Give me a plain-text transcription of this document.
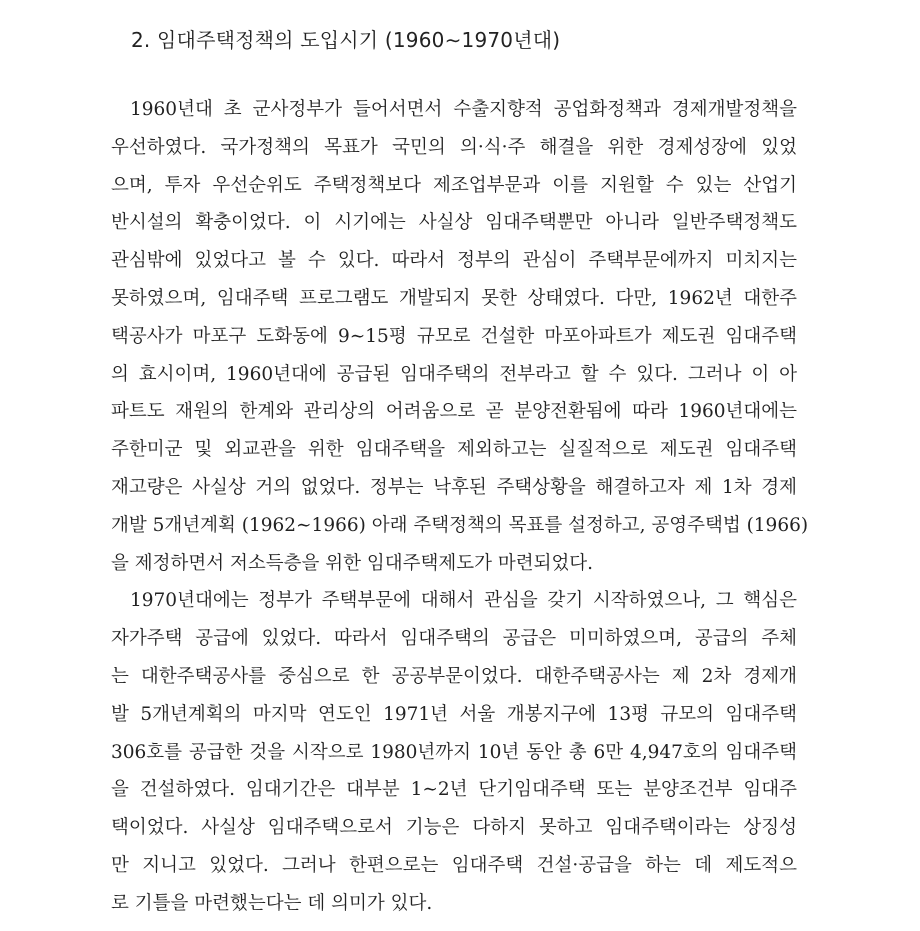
2. 임대주택정책의 도입시기 (1960∼1970년대)
1960년대 초 군사정부가 들어서면서 수출지향적 공업화정책과 경제개발정책을
우선하였다. 국가정책의 목표가 국민의 의·식·주 해결을 위한 경제성장에 있었
으며, 투자 우선순위도 주택정책보다 제조업부문과 이를 지원할 수 있는 산업기
반시설의 확충이었다. 이 시기에는 사실상 임대주택뿐만 아니라 일반주택정책도
관심밖에 있었다고 볼 수 있다. 따라서 정부의 관심이 주택부문에까지 미치지는
못하였으며, 임대주택 프로그램도 개발되지 못한 상태였다. 다만, 1962년 대한주
택공사가 마포구 도화동에 9∼15평 규모로 건설한 마포아파트가 제도권 임대주택
의 효시이며, 1960년대에 공급된 임대주택의 전부라고 할 수 있다. 그러나 이 아
파트도 재원의 한계와 관리상의 어려움으로 곧 분양전환됨에 따라 1960년대에는
주한미군 및 외교관을 위한 임대주택을 제외하고는 실질적으로 제도권 임대주택
재고량은 사실상 거의 없었다. 정부는 낙후된 주택상황을 해결하고자 제 1차 경제
개발 5개년계획 (1962∼1966) 아래 주택정책의 목표를 설정하고, 공영주택법 (1966)
을 제정하면서 저소득층을 위한 임대주택제도가 마련되었다.
1970년대에는 정부가 주택부문에 대해서 관심을 갖기 시작하였으나, 그 핵심은
자가주택 공급에 있었다. 따라서 임대주택의 공급은 미미하였으며, 공급의 주체
는 대한주택공사를 중심으로 한 공공부문이었다. 대한주택공사는 제 2차 경제개
발 5개년계획의 마지막 연도인 1971년 서울 개봉지구에 13평 규모의 임대주택
306호를 공급한 것을 시작으로 1980년까지 10년 동안 총 6만 4,947호의 임대주택
을 건설하였다. 임대기간은 대부분 1∼2년 단기임대주택 또는 분양조건부 임대주
택이었다. 사실상 임대주택으로서 기능은 다하지 못하고 임대주택이라는 상징성
만 지니고 있었다. 그러나 한편으로는 임대주택 건설·공급을 하는 데 제도적으
로 기틀을 마련했는다는 데 의미가 있다.
